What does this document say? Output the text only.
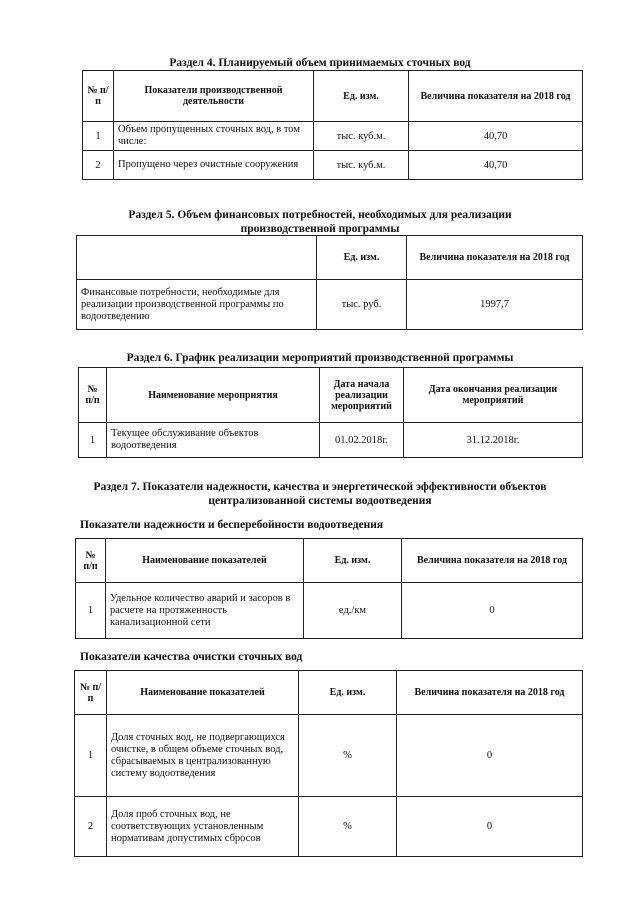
Раздел 4. Планируемый объем принимаемых сточных вод
№ п/п	Показатели производственной деятельности	Ед. изм.	Величина показателя на 2018 год
1	Объем пропущенных сточных вод, в том числе:	тыс. куб.м.	40,70
2	Пропущено через очистные сооружения	тыс. куб.м.	40,70
Раздел 5. Объем финансовых потребностей, необходимых для реализации
производственной программы
	Ед. изм.	Величина показателя на 2018 год
Финансовые потребности, необходимые для реализации производственной программы по водоотведению	тыс. руб.	1997,7
Раздел 6. График реализации мероприятий производственной программы
№ п/п	Наименование мероприятия	Дата начала реализации мероприятий	Дата окончания реализации мероприятий
1	Текущее обслуживание объектов водоотведения	01.02.2018г.	31.12.2018г.
Раздел 7. Показатели надежности, качества и энергетической эффективности объектов
централизованной системы водоотведения
Показатели надежности и бесперебойности водоотведения
№ п/п	Наименование показателей	Ед. изм.	Величина показателя на 2018 год
1	Удельное количество аварий и засоров в расчете на протяженность канализационной сети	ед./км	0
Показатели качества очистки сточных вод
№ п/п	Наименование показателей	Ед. изм.	Величина показателя на 2018 год
1	Доля сточных вод, не подвергающихся очистке, в общем объеме сточных вод, сбрасываемых в централизованную систему водоотведения	%	0
2	Доля проб сточных вод, не соответствующих установленным нормативам допустимых сбросов	%	0
